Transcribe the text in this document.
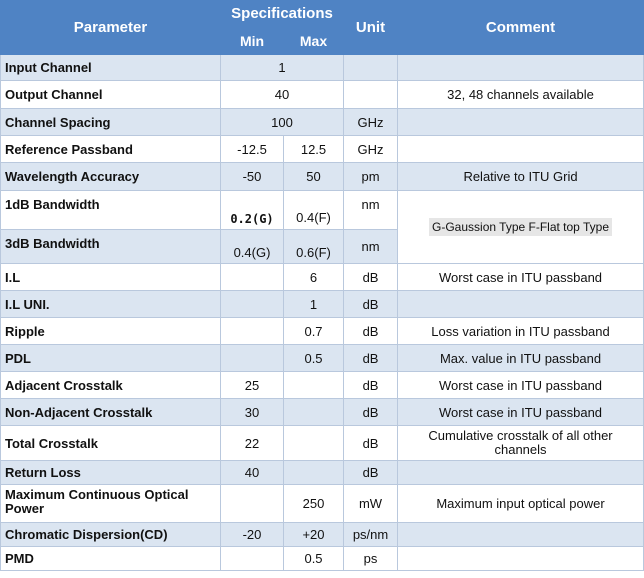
Parameter	Specifications		Unit	Comment
	Min	Max		
Input Channel	1			
Output Channel	40			32, 48 channels available
Channel Spacing	100		GHz	
Reference Passband	-12.5	12.5	GHz	
Wavelength Accuracy	-50	50	pm	Relative to ITU Grid
1dB Bandwidth	0.2(G)	0.4(F)	nm	G-Gaussion Type F-Flat top Type
3dB Bandwidth	0.4(G)	0.6(F)	nm	
I.L		6	dB	Worst case in ITU passband
I.L UNI.		1	dB	
Ripple		0.7	dB	Loss variation in ITU passband
PDL		0.5	dB	Max. value in ITU passband
Adjacent Crosstalk	25		dB	Worst case in ITU passband
Non-Adjacent Crosstalk	30		dB	Worst case in ITU passband
Total Crosstalk	22		dB	Cumulative crosstalk of all other channels
Return Loss	40		dB	
Maximum Continuous Optical Power		250	mW	Maximum input optical power
Chromatic Dispersion(CD)	-20	+20	ps/nm	
PMD		0.5	ps	
